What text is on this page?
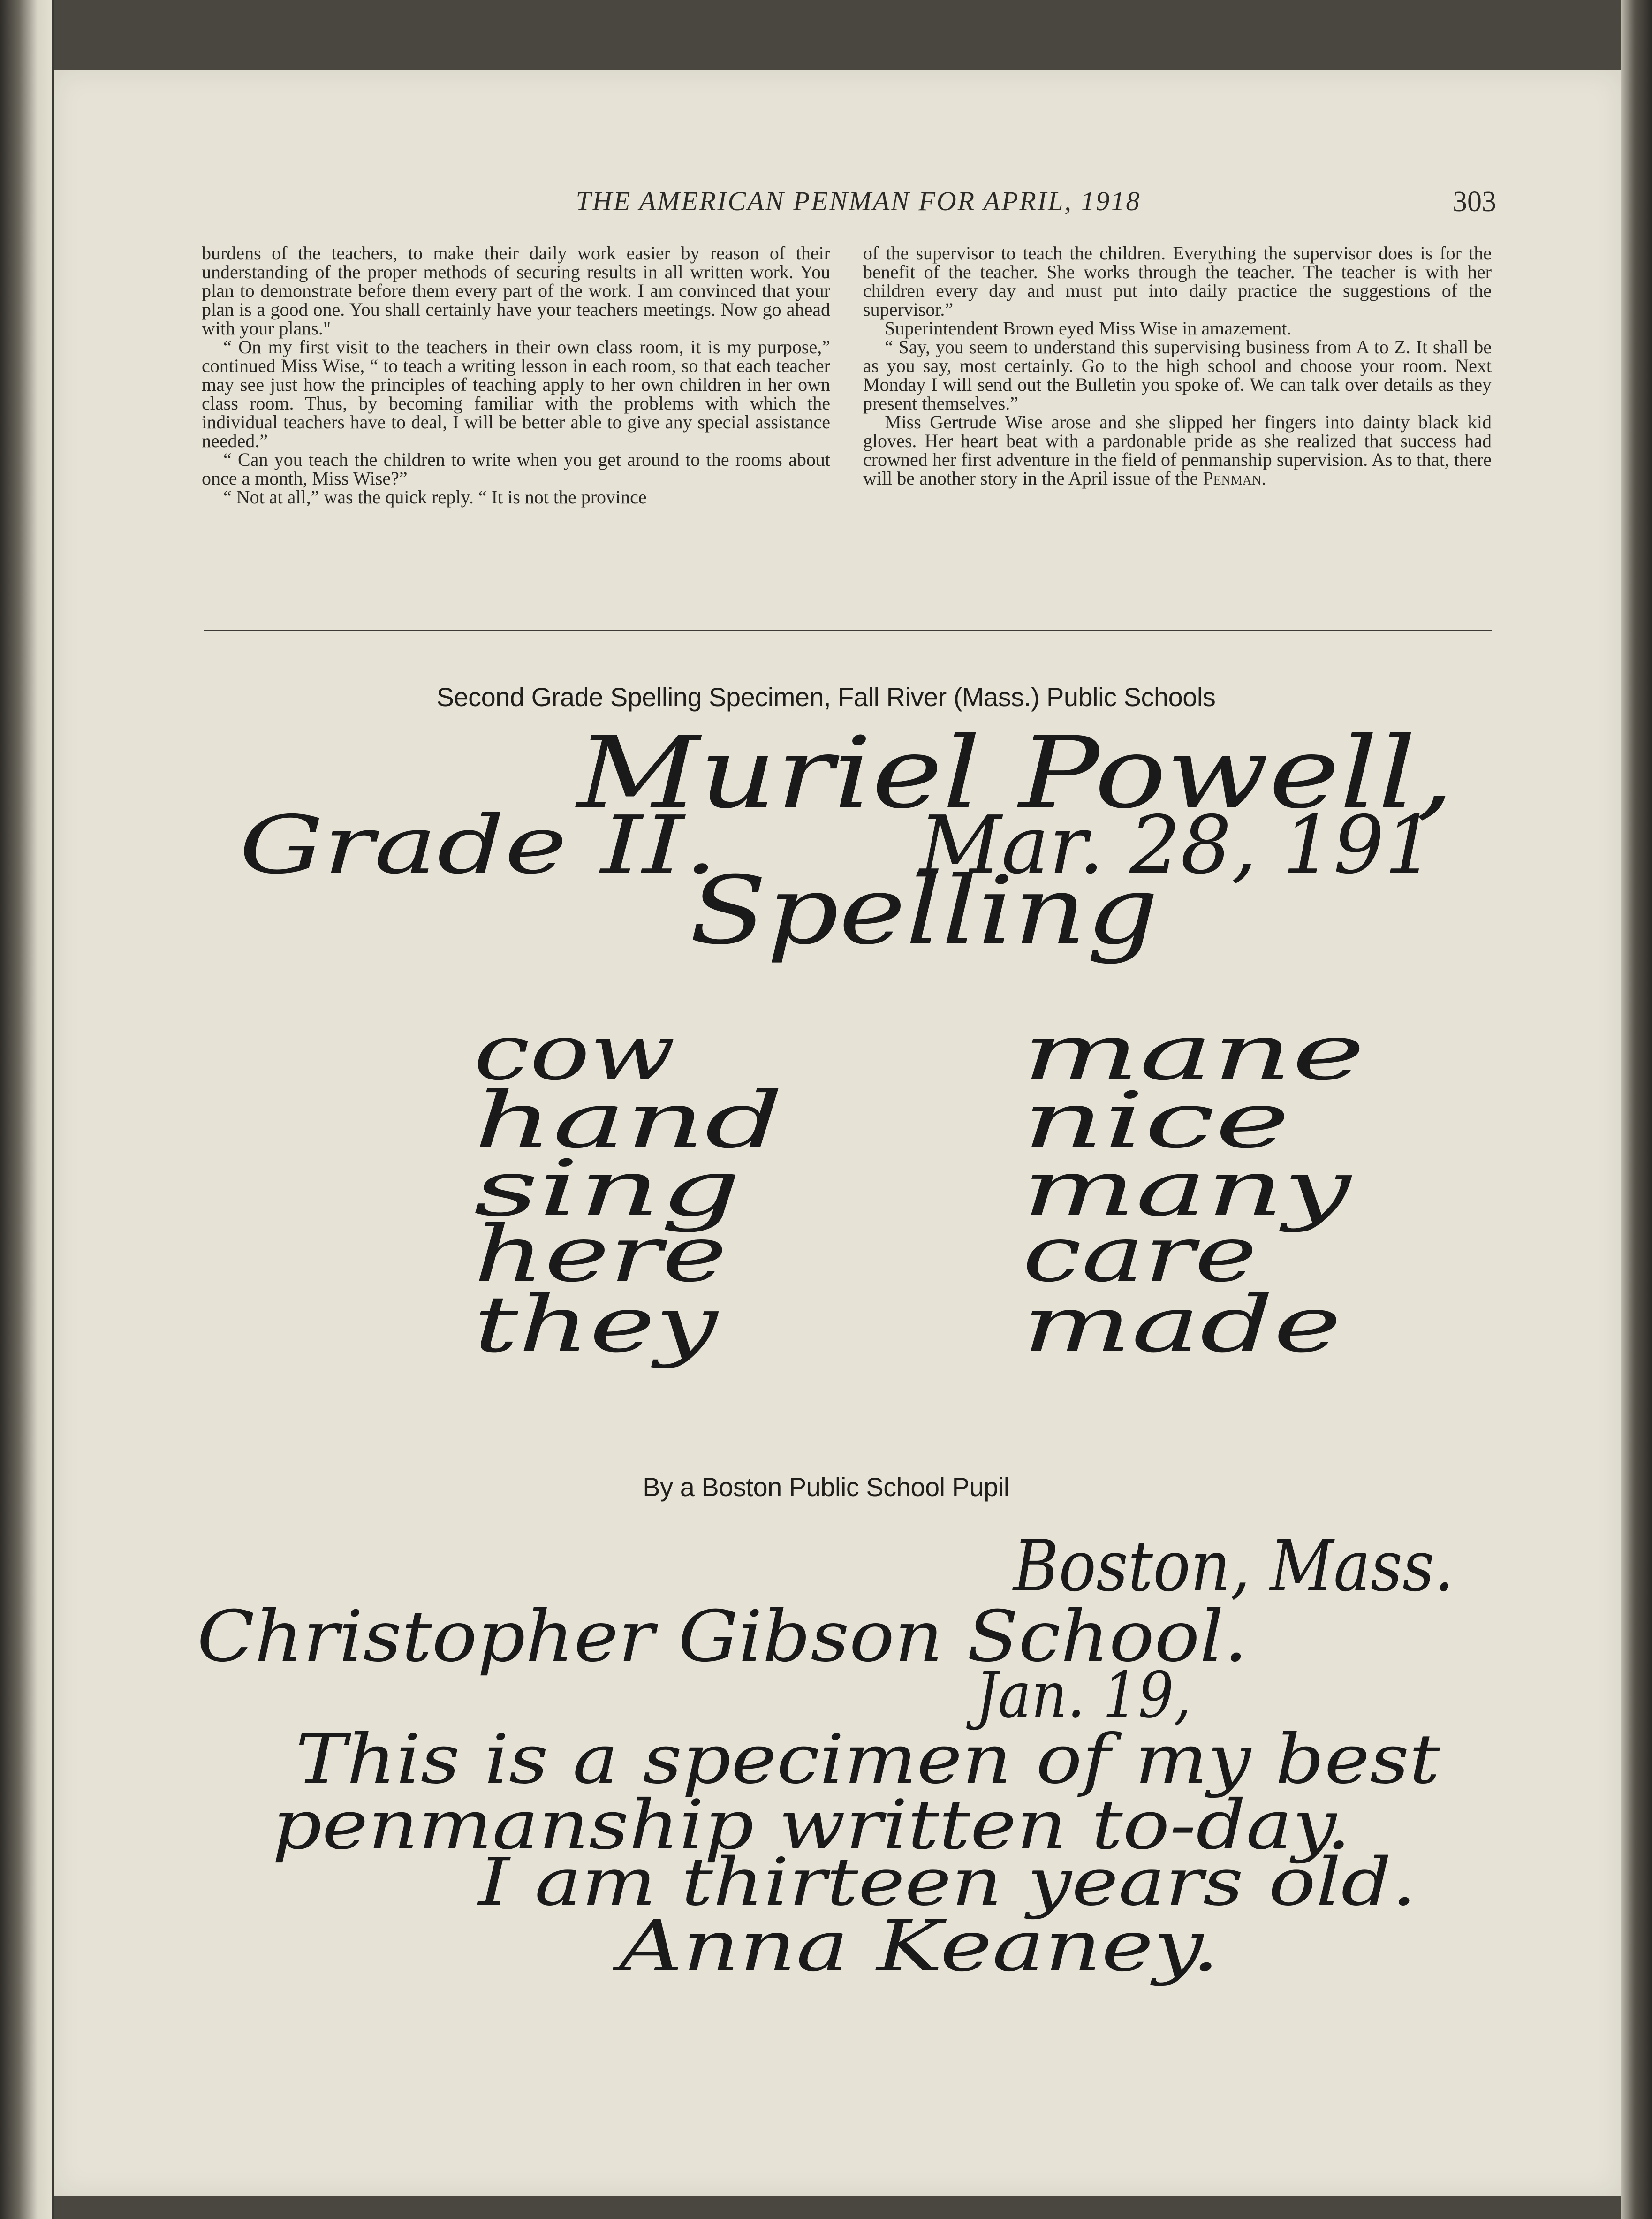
THE AMERICAN PENMAN FOR APRIL, 1918	303

burdens of the teachers, to make their daily work easier by reason of their understanding of the proper methods of securing results in all written work. You plan to demonstrate before them every part of the work. I am convinced that your plan is a good one. You shall certainly have your teachers meetings. Now go ahead with your plans."

“ On my first visit to the teachers in their own class room, it is my purpose,” continued Miss Wise, “ to teach a writing lesson in each room, so that each teacher may see just how the principles of teaching apply to her own children in her own class room. Thus, by becoming familiar with the problems with which the individual teachers have to deal, I will be better able to give any special assistance needed.”

“ Can you teach the children to write when you get around to the rooms about once a month, Miss Wise?”

“ Not at all,” was the quick reply. “ It is not the province

of the supervisor to teach the children. Everything the supervisor does is for the benefit of the teacher. She works through the teacher. The teacher is with her children every day and must put into daily practice the suggestions of the supervisor.”

Superintendent Brown eyed Miss Wise in amazement.

“ Say, you seem to understand this supervising business from A to Z. It shall be as you say, most certainly. Go to the high school and choose your room. Next Monday I will send out the Bulletin you spoke of. We can talk over details as they present themselves.”

Miss Gertrude Wise arose and she slipped her fingers into dainty black kid gloves. Her heart beat with a pardonable pride as she realized that success had crowned her first adventure in the field of penmanship supervision. As to that, there will be another story in the April issue of the Penman.

Second Grade Spelling Specimen, Fall River (Mass.) Public Schools
Muriel Powell,
Grade II.	Mar. 28, 191
Spelling
cow
hand
sing
here
they
mane
nice
many
care
made
By a Boston Public School Pupil
Boston, Mass.
Christopher Gibson School.
Jan. 19,
This is a specimen of my best
penmanship written to-day.
I am thirteen years old.
Anna Keaney.
